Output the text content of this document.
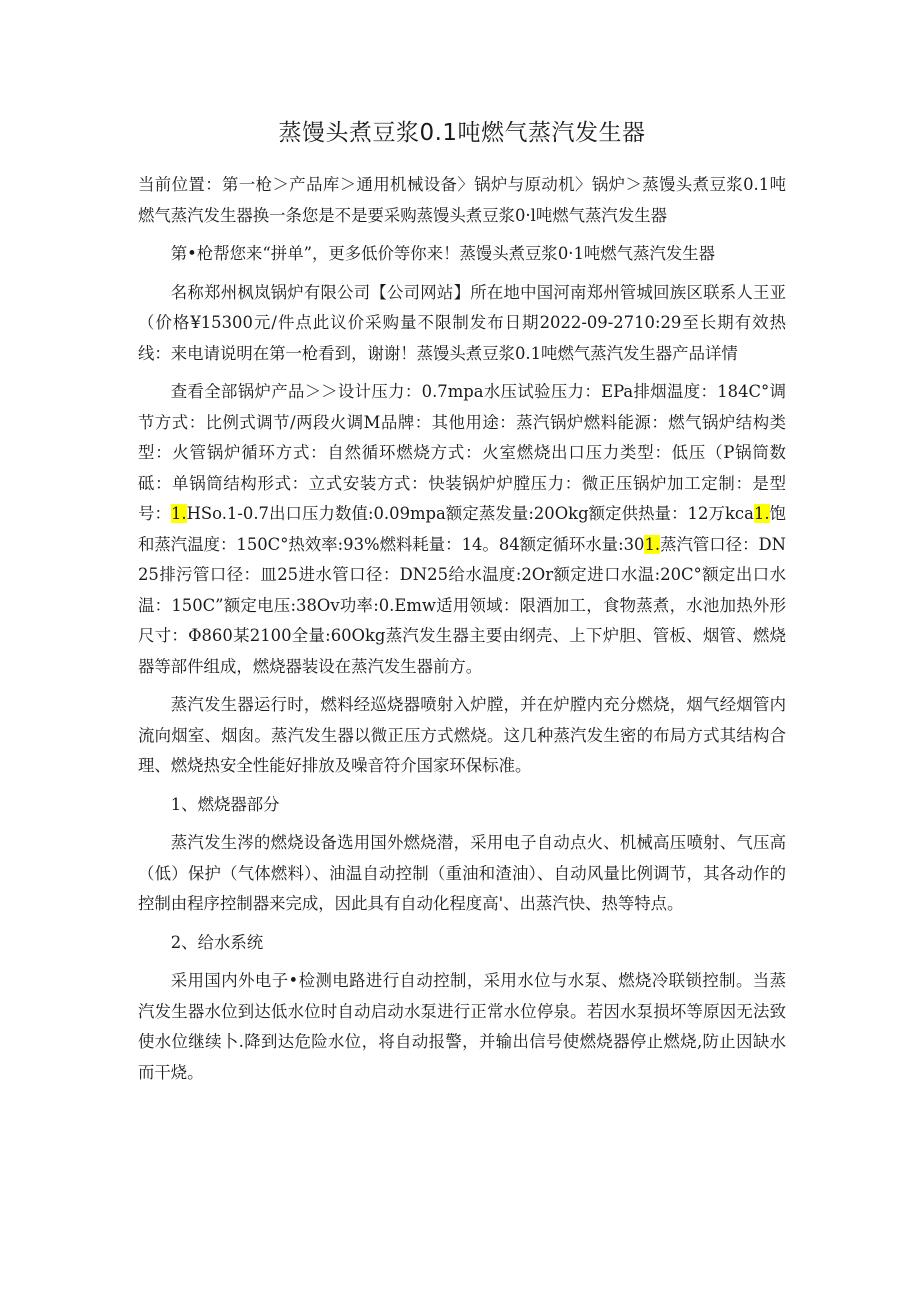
蒸馒头煮豆浆0.1吨燃气蒸汽发生器

当前位置：第一枪＞产品库＞通用机械设备〉锅炉与原动机〉锅炉＞蒸馒头煮豆浆0.1吨燃气蒸汽发生器换一条您是不是要采购蒸馒头煮豆浆0·l吨燃气蒸汽发生器

第•枪帮您来“拼单”，更多低价等你来！蒸馒头煮豆浆0·1吨燃气蒸汽发生器

名称郑州枫岚锅炉有限公司【公司网站】所在地中国河南郑州管城回族区联系人王亚（价格¥15300元/件点此议价采购量不限制发布日期2022-09-2710:29至长期有效热线：来电请说明在第一枪看到，谢谢！蒸馒头煮豆浆0.1吨燃气蒸汽发生器产品详情

查看全部锅炉产品＞＞设计压力：0.7mpa水压试验压力：EPa排烟温度：184C°调节方式：比例式调节/两段火调M品牌：其他用途：蒸汽锅炉燃料能源：燃气锅炉结构类型：火管锅炉循环方式：自然循环燃烧方式：火室燃烧出口压力类型：低压（P锅筒数砥：单锅筒结构形式：立式安装方式：快装锅炉炉膛压力：微正压锅炉加工定制：是型号：1.HSo.1-0.7出口压力数值:0.09mpa额定蒸发量:20Okg额定供热量：12万kca1.饱和蒸汽温度：150C°热效率:93%燃料耗量：14。84额定循环水量:301.蒸汽管口径：DN25排污管口径：皿25进水管口径：DN25给水温度:2Or额定进口水温:20C°额定出口水温：150C”额定电压:38Ov功率:0.Emw适用领域：限酒加工，食物蒸煮，水池加热外形尺寸：Φ860某2100全量:60Okg蒸汽发生器主要由纲壳、上下炉胆、管板、烟管、燃烧器等部件组成，燃烧器装设在蒸汽发生器前方。

蒸汽发生器运行时，燃料经巡烧器喷射入炉膛，并在炉膛内充分燃烧，烟气经烟管内流向烟室、烟囱。蒸汽发生器以微正压方式燃烧。这几种蒸汽发生密的布局方式其结构合理、燃烧热安全性能好排放及噪音符介国家环保标准。

1、燃烧器部分

蒸汽发生涔的燃烧设备选用国外燃烧潜，采用电子自动点火、机械高压喷射、气压高（低）保护（气体燃料）、油温自动控制（重油和渣油）、自动风量比例调节，其各动作的控制由程序控制器来完成，因此具有自动化程度高'、出蒸汽快、热等特点。

2、给水系统

采用国内外电子•检测电路进行自动控制，采用水位与水泵、燃烧冷联锁控制。当蒸汽发生器水位到达低水位时自动启动水泵进行正常水位停泉。若因水泵损坏等原因无法致使水位继续卜.降到达危险水位，将自动报警，并输出信号使燃烧器停止燃烧,防止因缺水而干烧。
